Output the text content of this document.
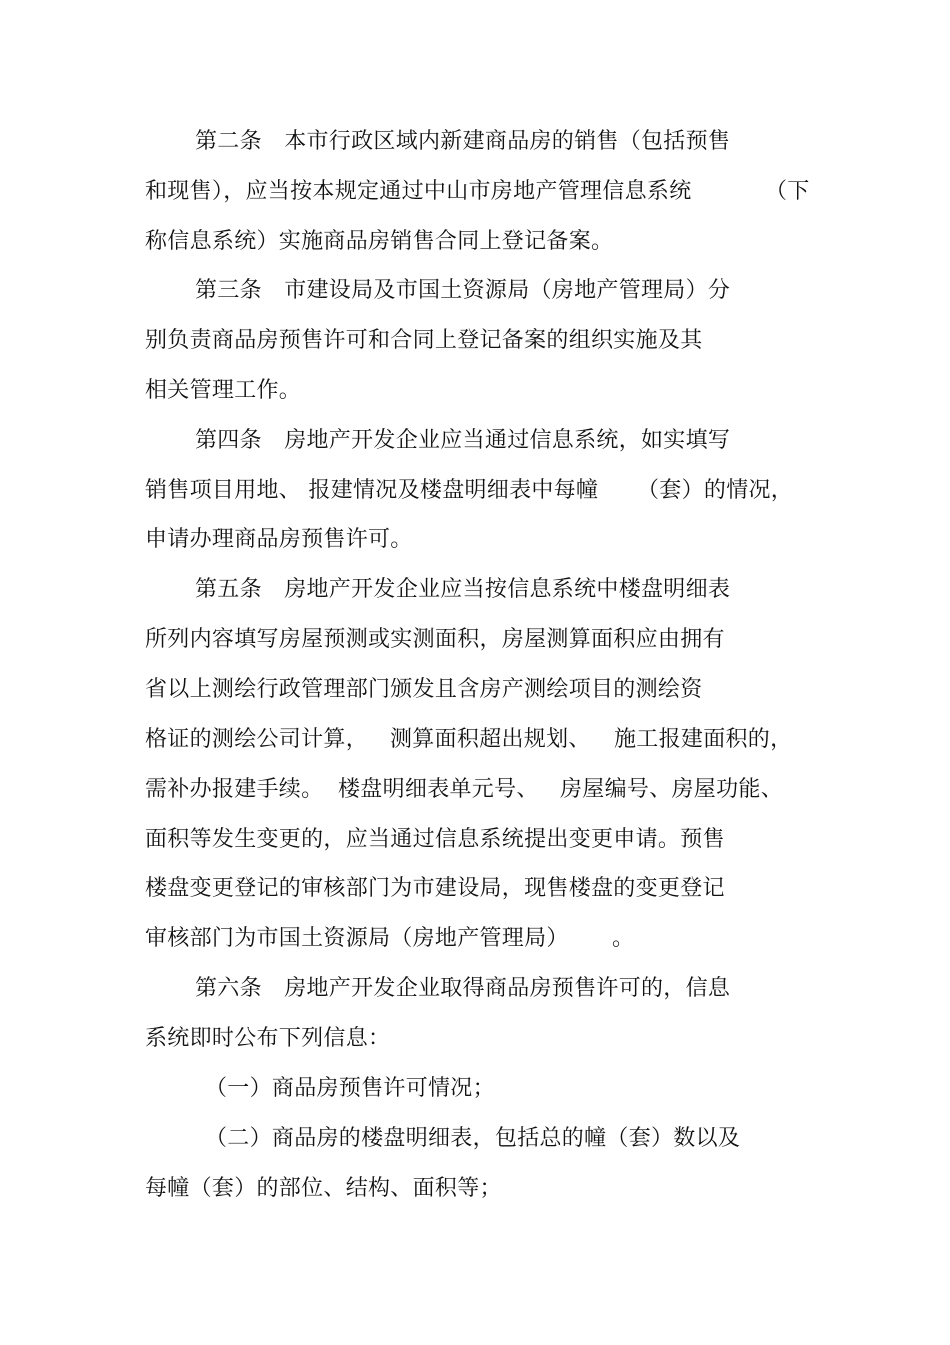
第二条　本市行政区域内新建商品房的销售（包括预售
和现售），应当按本规定通过中山市房地产管理信息系统	（下
称信息系统）实施商品房销售合同上登记备案。
第三条　市建设局及市国土资源局（房地产管理局）分
别负责商品房预售许可和合同上登记备案的组织实施及其
相关管理工作。
第四条　房地产开发企业应当通过信息系统，如实填写
销售项目用地、 报建情况及楼盘明细表中每幢 （套）的情况，
申请办理商品房预售许可。
第五条　房地产开发企业应当按信息系统中楼盘明细表
所列内容填写房屋预测或实测面积，房屋测算面积应由拥有
省以上测绘行政管理部门颁发且含房产测绘项目的测绘资
格证的测绘公司计算， 测算面积超出规划、 施工报建面积的，
需补办报建手续。 楼盘明细表单元号、 房屋编号、房屋功能、
面积等发生变更的，应当通过信息系统提出变更申请。预售
楼盘变更登记的审核部门为市建设局，现售楼盘的变更登记
审核部门为市国土资源局（房地产管理局） 。
第六条　房地产开发企业取得商品房预售许可的，信息
系统即时公布下列信息：
（一）商品房预售许可情况；
（二）商品房的楼盘明细表，包括总的幢（套）数以及
每幢（套）的部位、结构、面积等；
